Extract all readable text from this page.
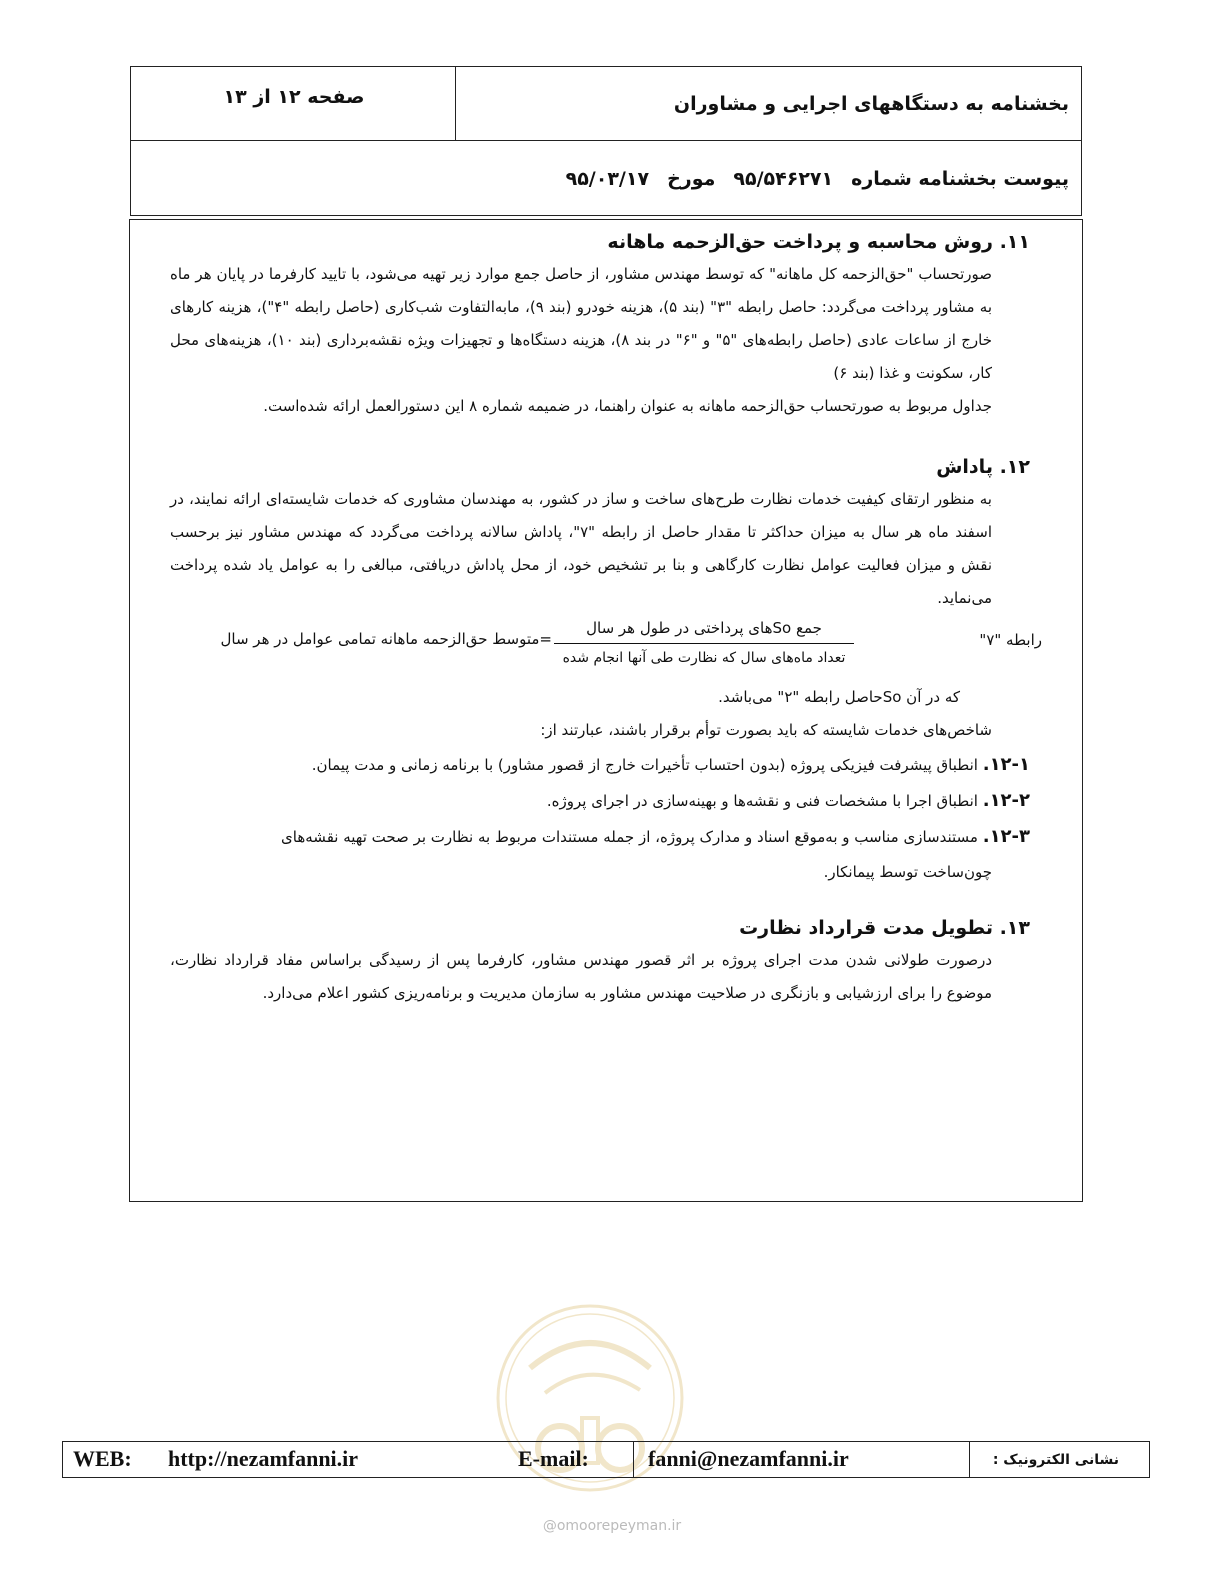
بخشنامه به دستگاههای اجرایی و مشاوران
صفحه ۱۲ از ۱۳
پیوست بخشنامه شماره
۹۵/۵۴۶۲۷۱
مورخ
۹۵/۰۳/۱۷
۱۱. روش محاسبه و پرداخت حق‌الزحمه ماهانه

صورتحساب "حق‌الزحمه کل ماهانه" که توسط مهندس مشاور، از حاصل جمع موارد زیر تهیه می‌شود، با تایید کارفرما در پایان هر ماه به مشاور پرداخت می‌گردد: حاصل رابطه "۳" (بند ۵)، هزینه خودرو (بند ۹)، مابه‌التفاوت شب‌کاری (حاصل رابطه "۴")، هزینه کارهای خارج از ساعات عادی (حاصل رابطه‌های "۵" و "۶" در بند ۸)، هزینه دستگاه‌ها و تجهیزات ویژه نقشه‌برداری (بند ۱۰)، هزینه‌های محل کار، سکونت و غذا (بند ۶)

جداول مربوط به صورتحساب حق‌الزحمه ماهانه به عنوان راهنما، در ضمیمه شماره ۸ این دستورالعمل ارائه شده‌است.

۱۲. پاداش

به منظور ارتقای کیفیت خدمات نظارت طرح‌های ساخت و ساز در کشور، به مهندسان مشاوری که خدمات شایسته‌ای ارائه نمایند، در اسفند ماه هر سال به میزان حداکثر تا مقدار حاصل از رابطه "۷"، پاداش سالانه پرداخت می‌گردد که مهندس مشاور نیز برحسب نقش و میزان فعالیت عوامل نظارت کارگاهی و بنا بر تشخیص خود، از محل پاداش دریافتی، مبالغی را به عوامل یاد شده پرداخت می‌نماید.

رابطه "۷"
جمع Soهای پرداختی در طول هر سال
تعداد ماه‌های سال که نظارت طی آنها انجام شده
=متوسط حق‌الزحمه ماهانه تمامی عوامل در هر سال

که در آن Soحاصل رابطه "۲" می‌باشد.

شاخص‌های خدمات شایسته که باید بصورت توأم برقرار باشند، عبارتند از:

۱۲-۱. انطباق پیشرفت فیزیکی پروژه (بدون احتساب تأخیرات خارج از قصور مشاور) با برنامه زمانی و مدت پیمان.

۱۲-۲. انطباق اجرا با مشخصات فنی و نقشه‌ها و بهینه‌سازی در اجرای پروژه.

۱۲-۳. مستندسازی مناسب و به‌موقع اسناد و مدارک پروژه، از جمله مستندات مربوط به نظارت بر صحت تهیه نقشه‌های
چون‌ساخت توسط پیمانکار.

۱۳. تطویل مدت قرارداد نظارت

درصورت طولانی شدن مدت اجرای پروژه بر اثر قصور مهندس مشاور، کارفرما پس از رسیدگی براساس مفاد قرارداد نظارت، موضوع را برای ارزشیابی و بازنگری در صلاحیت مهندس مشاور به سازمان مدیریت و برنامه‌ریزی کشور اعلام می‌دارد.

نشانی الکترونیک :
WEB: http://nezamfanni.ir	E-mail:	fanni@nezamfanni.ir
@omoorepeyman.ir
